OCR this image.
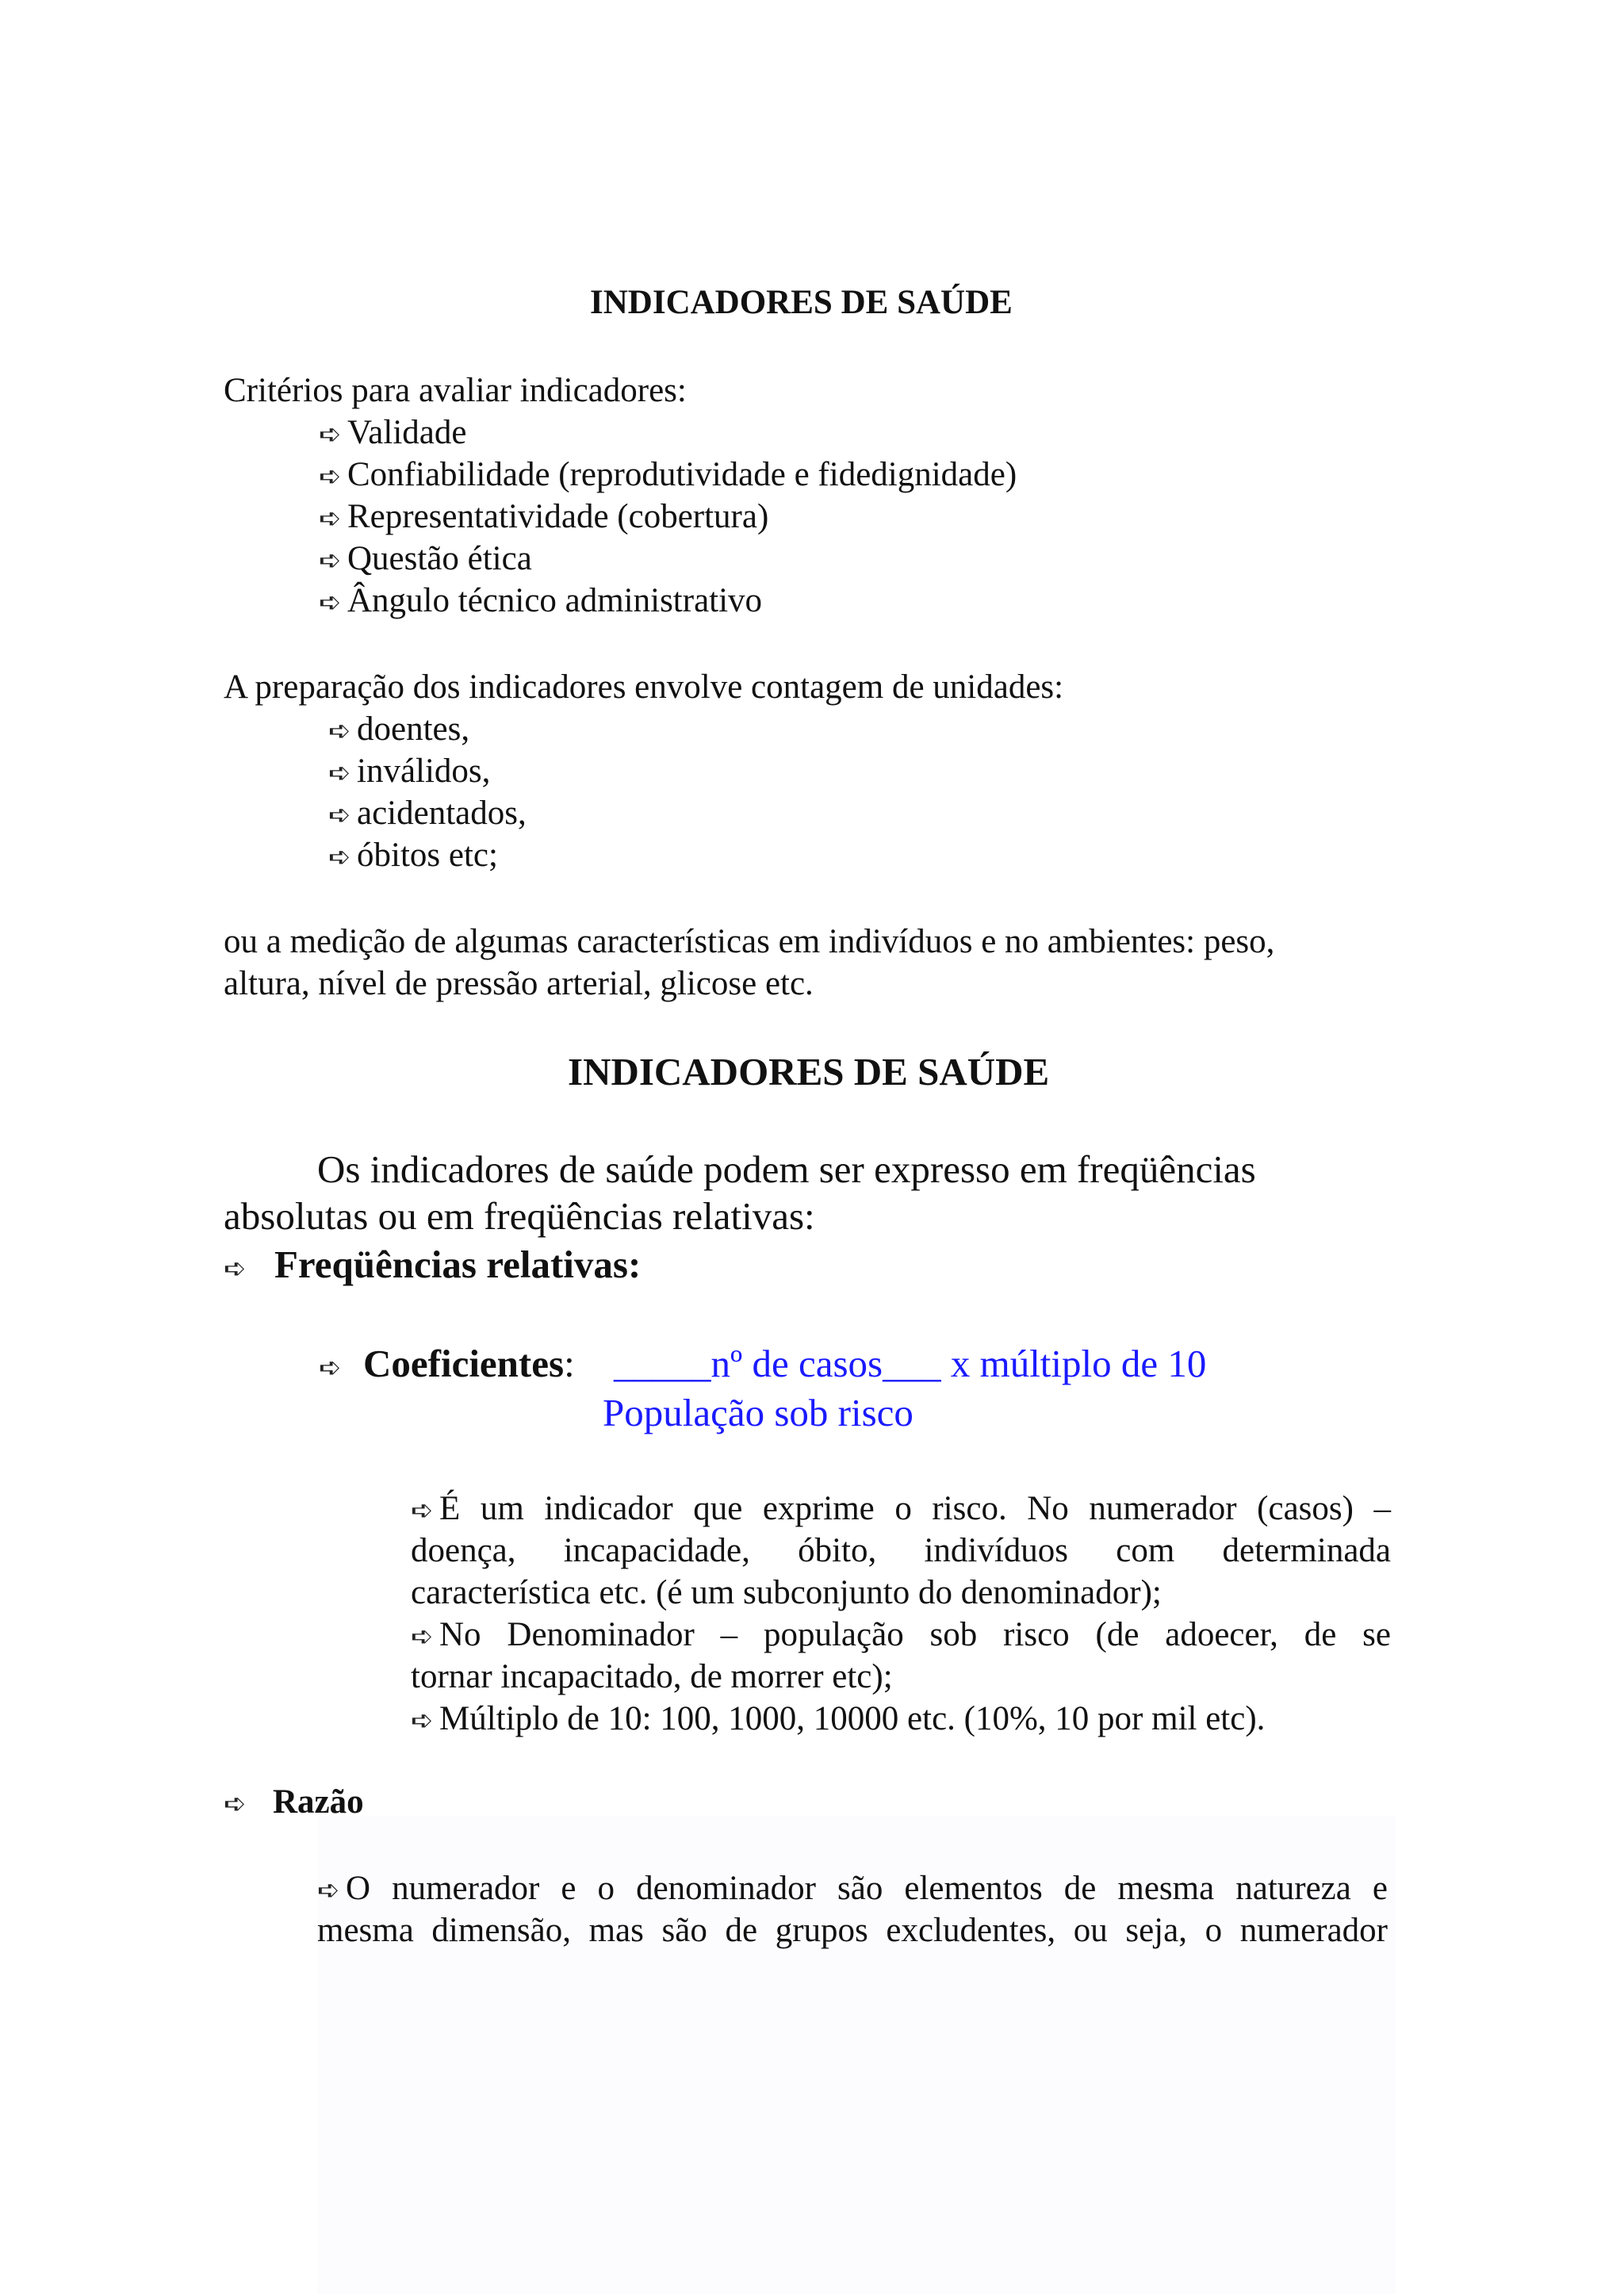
INDICADORES DE SAÚDE
Critérios para avaliar indicadores:
➪ Validade
➪ Confiabilidade (reprodutividade e fidedignidade)
➪ Representatividade (cobertura)
➪ Questão ética
➪ Ângulo técnico administrativo
A preparação dos indicadores envolve contagem de unidades:
➪ doentes,
➪ inválidos,
➪ acidentados,
➪ óbitos etc;
ou a medição de algumas características em indivíduos e no ambientes: peso,
altura, nível de pressão arterial, glicose etc.
INDICADORES DE SAÚDE
Os indicadores de saúde podem ser expresso em freqüências
absolutas ou em freqüências relativas:
➪ Freqüências relativas:
➪ Coeficientes: _____nº de casos___ x múltiplo de 10
População sob risco
➪ É um indicador que exprime o risco. No numerador (casos) –
doença, incapacidade, óbito, indivíduos com determinada
característica etc. (é um subconjunto do denominador);
➪ No Denominador – população sob risco (de adoecer, de se
tornar incapacitado, de morrer etc);
➪ Múltiplo de 10: 100, 1000, 10000 etc. (10%, 10 por mil etc).
➪ Razão
➪ O numerador e o denominador são elementos de mesma natureza e
mesma dimensão, mas são de grupos excludentes, ou seja, o numerador
